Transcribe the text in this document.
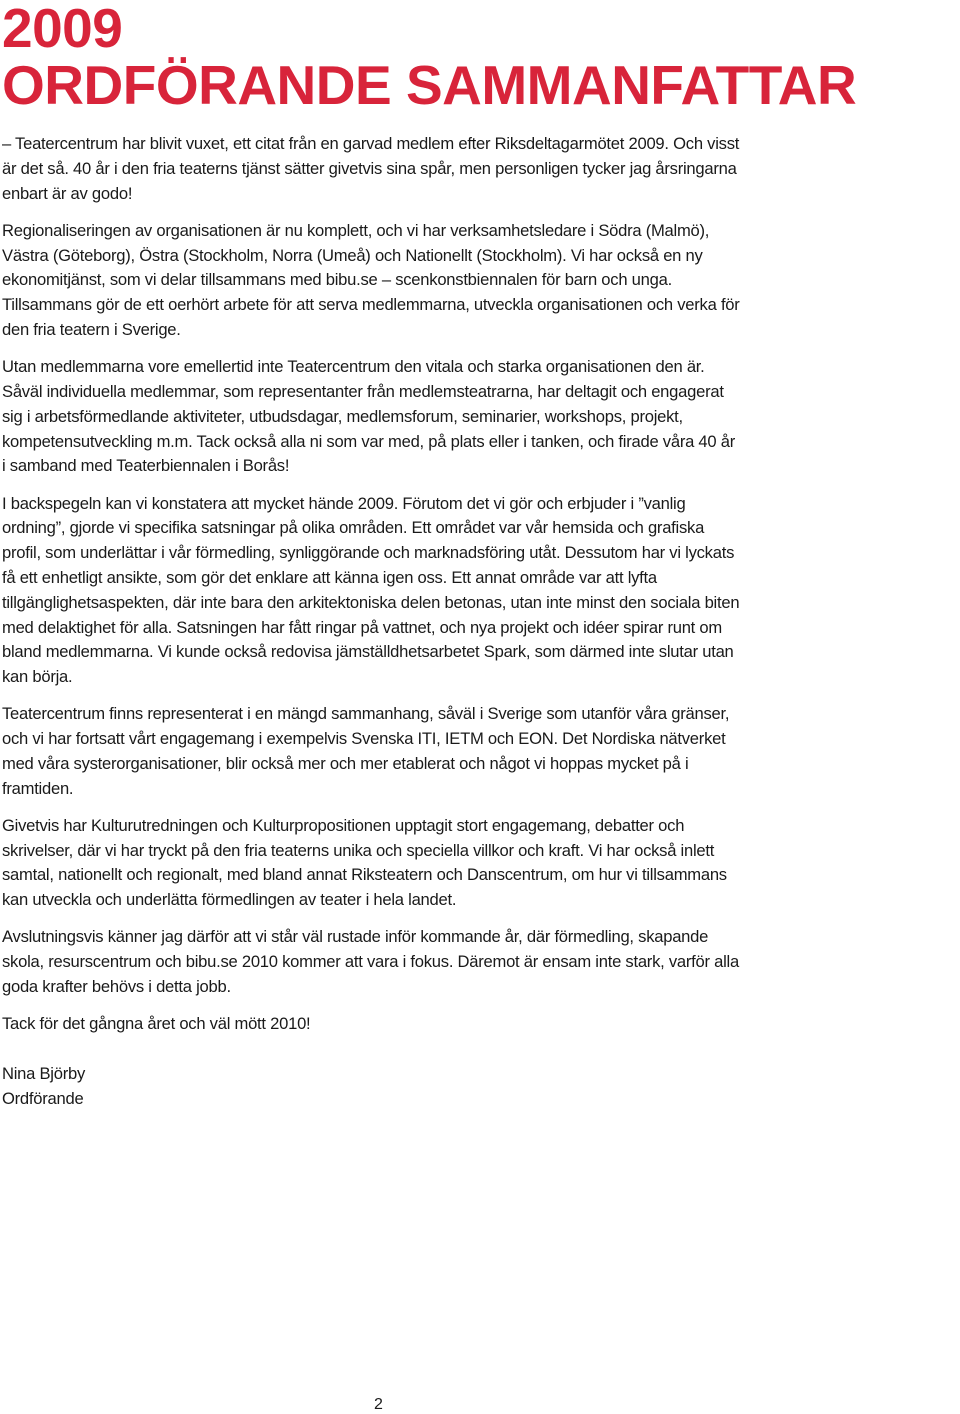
2009
ORDFÖRANDE SAMMANFATTAR

– Teatercentrum har blivit vuxet, ett citat från en garvad medlem efter Riksdeltagarmötet 2009. Och visst är det så. 40 år i den fria teaterns tjänst sätter givetvis sina spår, men personligen tycker jag årsringarna enbart är av godo!

Regionaliseringen av organisationen är nu komplett, och vi har verksamhetsledare i Södra (Malmö), Västra (Göteborg), Östra (Stockholm, Norra (Umeå) och Nationellt (Stockholm). Vi har också en ny ekonomitjänst, som vi delar tillsammans med bibu.se – scenkonstbiennalen för barn och unga. Tillsammans gör de ett oerhört arbete för att serva medlemmarna, utveckla organisationen och verka för den fria teatern i Sverige.

Utan medlemmarna vore emellertid inte Teatercentrum den vitala och starka organisationen den är. Såväl individuella medlemmar, som representanter från medlemsteatrarna, har deltagit och engagerat sig i arbetsförmedlande aktiviteter, utbudsdagar, medlemsforum, seminarier, workshops, projekt, kompetensutveckling m.m. Tack också alla ni som var med, på plats eller i tanken, och firade våra 40 år i samband med Teaterbiennalen i Borås!

I backspegeln kan vi konstatera att mycket hände 2009. Förutom det vi gör och erbjuder i ”vanlig ordning”, gjorde vi specifika satsningar på olika områden. Ett området var vår hemsida och grafiska profil, som underlättar i vår förmedling, synliggörande och marknadsföring utåt. Dessutom har vi lyckats få ett enhetligt ansikte, som gör det enklare att känna igen oss. Ett annat område var att lyfta tillgänglighetsaspekten, där inte bara den arkitektoniska delen betonas, utan inte minst den sociala biten med delaktighet för alla. Satsningen har fått ringar på vattnet, och nya projekt och idéer spirar runt om bland medlemmarna. Vi kunde också redovisa jämställdhetsarbetet Spark, som därmed inte slutar utan kan börja.

Teatercentrum finns representerat i en mängd sammanhang, såväl i Sverige som utanför våra gränser, och vi har fortsatt vårt engagemang i exempelvis Svenska ITI, IETM och EON. Det Nordiska nätverket med våra systerorganisationer, blir också mer och mer etablerat och något vi hoppas mycket på i framtiden.

Givetvis har Kulturutredningen och Kulturpropositionen upptagit stort engagemang, debatter och skrivelser, där vi har tryckt på den fria teaterns unika och speciella villkor och kraft. Vi har också inlett samtal, nationellt och regionalt, med bland annat Riksteatern och Danscentrum, om hur vi tillsammans kan utveckla och underlätta förmedlingen av teater i hela landet.

Avslutningsvis känner jag därför att vi står väl rustade inför kommande år, där förmedling, skapande skola, resurscentrum och bibu.se 2010 kommer att vara i fokus. Däremot är ensam inte stark, varför alla goda krafter behövs i detta jobb.

Tack för det gångna året och väl mött 2010!

Nina Björby
Ordförande

2
